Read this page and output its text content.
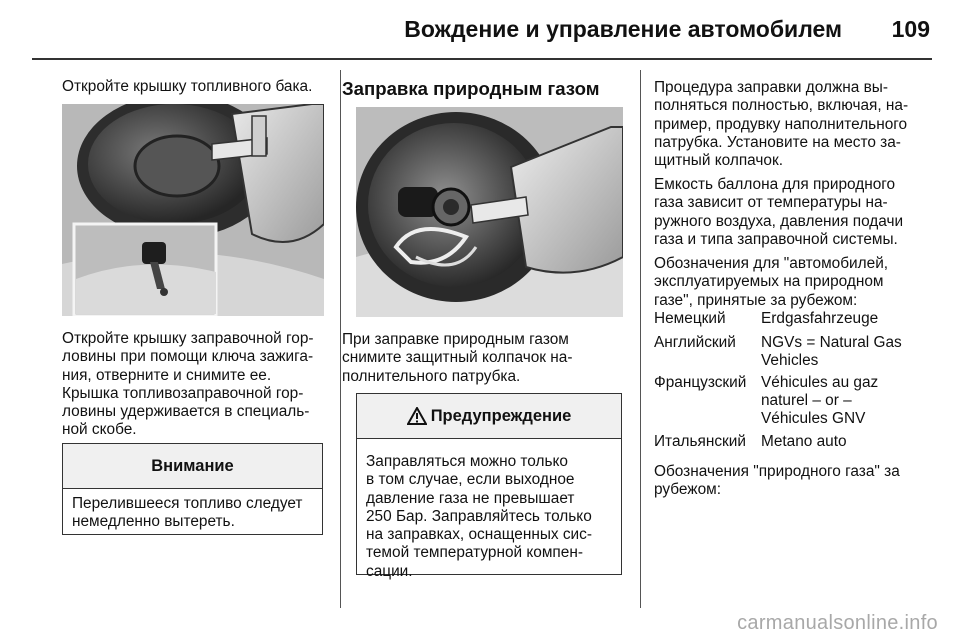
Вождение и управление автомобилем 109

Откройте крышку топливного бака.

Откройте крышку заправочной гор-

ловины при помощи ключа зажига-

ния, отверните и снимите ее.

Крышка топливозаправочной гор-

ловины удерживается в специаль-

ной скобе.

Внимание

Перелившееся топливо следует

немедленно вытереть.

Заправка природным газом

При заправке природным газом

снимите защитный колпачок на-

полнительного патрубка.

Предупреждение

Заправляться можно только

в том случае, если выходное

давление газа не превышает

250 Бар. Заправляйтесь только

на заправках, оснащенных сис-

темой температурной компен-

сации.

Процедура заправки должна вы-

полняться полностью, включая, на-

пример, продувку наполнительного

патрубка. Установите на место за-

щитный колпачок.

Емкость баллона для природного

газа зависит от температуры на-

ружного воздуха, давления подачи

газа и типа заправочной системы.

Обозначения для "автомобилей,

эксплуатируемых на природном

газе", принятые за рубежом:

Немецкий Erdgasfahrzeuge
Английский NGVs = Natural Gas
Vehicles
Французский Véhicules au gaz
naturel – or –
Véhicules GNV
Итальянский Metano auto

Обозначения "природного газа" за

рубежом:

carmanualsonline.info
